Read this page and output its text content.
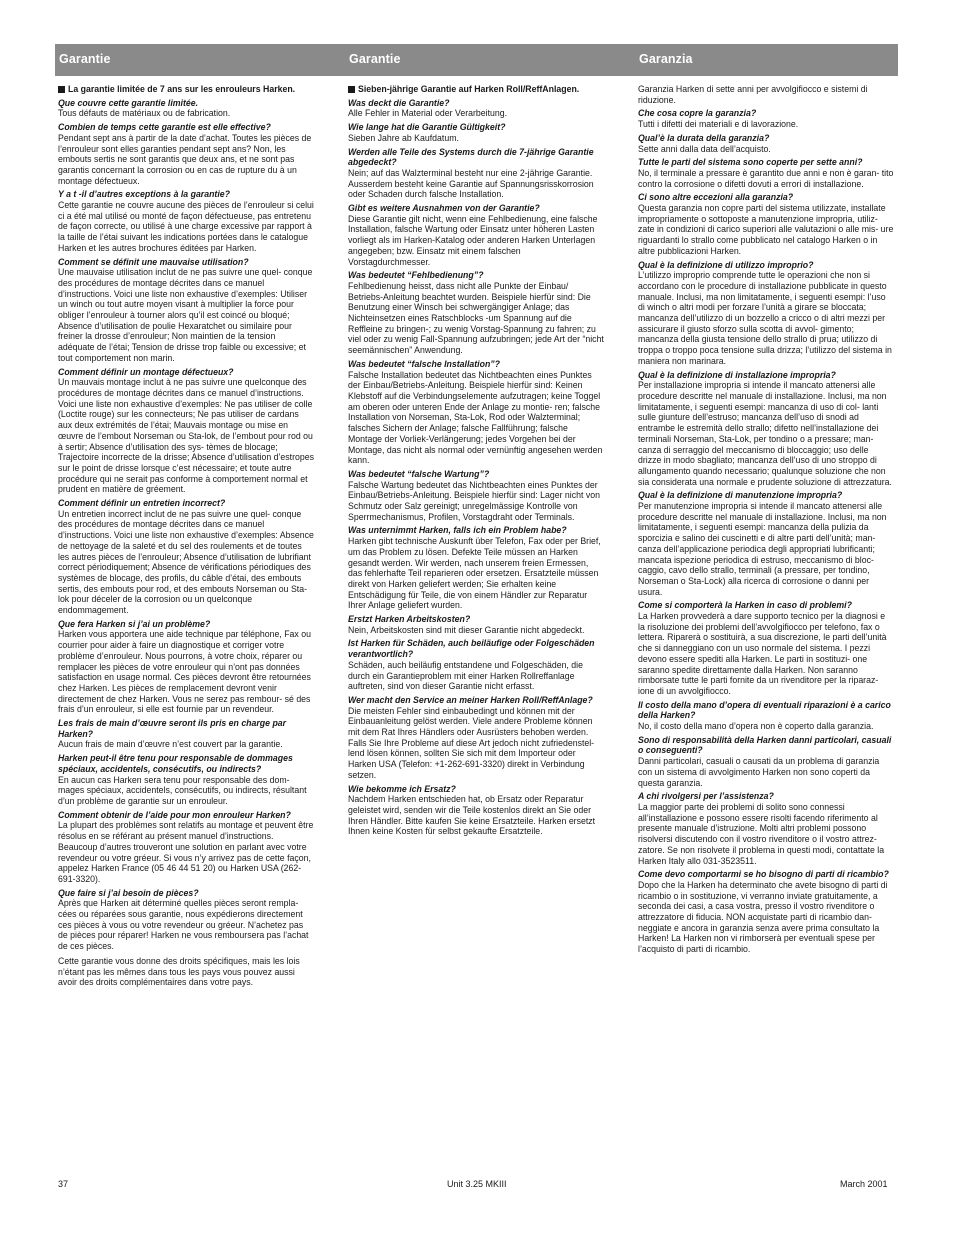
Garantie	Garantie	Garanzia

La garantie limitée de 7 ans sur les enrouleurs Harken.

Que couvre cette garantie limitée.

Tous défauts de matériaux ou de fabrication.

Combien de temps cette garantie est elle effective?

Pendant sept ans à partir de la date d’achat. Toutes les pièces de l’enrouleur sont elles garanties pendant sept ans? Non, les embouts sertis ne sont garantis que deux ans, et ne sont pas garantis concernant la corrosion ou en cas de rupture du à un montage défectueux.

Y a t -il d’autres exceptions à la garantie?

Cette garantie ne couvre aucune des pièces de l’enrouleur si celui ci a été mal utilisé ou monté de façon défectueuse, pas entretenu de façon correcte, ou utilisé à une charge excessive par rapport à la taille de l’étai suivant les indications portées dans le catalogue Harken et les autres brochures éditées par Harken.

Comment se définit une mauvaise utilisation?

Une mauvaise utilisation inclut de ne pas suivre une quel- conque des procédures de montage décrites dans ce manuel d’instructions. Voici une liste non exhaustive d’exemples: Utiliser un winch ou tout autre moyen visant à multiplier la force pour obliger l’enrouleur à tourner alors qu’il est coincé ou bloqué; Absence d’utilisation de poulie Hexaratchet ou similaire pour freiner la drosse d’enrouleur; Non maintien de la tension adéquate de l’étai; Tension de drisse trop faible ou excessive; et tout comportement non marin.

Comment définir un montage défectueux?

Un mauvais montage inclut à ne pas suivre une quelconque des procédures de montage décrites dans ce manuel d’instructions. Voici une liste non exhaustive d’exemples: Ne pas utiliser de colle (Loctite rouge) sur les connecteurs; Ne pas utiliser de cardans aux deux extrémités de l’étai; Mauvais montage ou mise en œuvre de l’embout Norseman ou Sta-lok, de l’embout pour rod ou à sertir; Absence d’utilisation des sys- tèmes de blocage; Trajectoire incorrecte de la drisse; Absence d’utilisation d’estropes sur le point de drisse lorsque c’est nécessaire; et toute autre procédure qui ne serait pas conforme à comportement normal et prudent en matière de gréement.

Comment définir un entretien incorrect?

Un entretien incorrect inclut de ne pas suivre une quel- conque des procédures de montage décrites dans ce manuel d’instructions. Voici une liste non exhaustive d’exemples: Absence de nettoyage de la saleté et du sel des roulements et de toutes les autres pièces de l’enrouleur; Absence d’utilisation de lubrifiant correct périodiquement; Absence de vérifications périodiques des systèmes de blocage, des profils, du câble d’étai, des embouts sertis, des embouts pour rod, et des embouts Norseman ou Sta-lok pour déceler de la corrosion ou un quelconque endommagement.

Que fera Harken si j’ai un problème?

Harken vous apportera une aide technique par téléphone, Fax ou courrier pour aider à faire un diagnostique et corriger votre problème d’enrouleur. Nous pourrons, à votre choix, réparer ou remplacer les pièces de votre enrouleur qui n’ont pas données satisfaction en usage normal. Ces pièces devront être retournées chez Harken. Les pièces de remplacement devront venir directement de chez Harken. Vous ne serez pas rembour- sé des frais d’un enrouleur, si elle est fournie par un revendeur.

Les frais de main d’œuvre seront ils pris en charge par Harken?

Aucun frais de main d’œuvre n’est couvert par la garantie.

Harken peut-il être tenu pour responsable de dommages spéciaux, accidentels, consécutifs, ou indirects?

En aucun cas Harken sera tenu pour responsable des dom- mages spéciaux, accidentels, consécutifs, ou indirects, résultant d’un problème de garantie sur un enrouleur.

Comment obtenir de l’aide pour mon enrouleur Harken?

La plupart des problèmes sont relatifs au montage et peuvent être résolus en se référant au présent manuel d’instructions. Beaucoup d’autres trouveront une solution en parlant avec votre revendeur ou votre gréeur. Si vous n’y arrivez pas de cette façon, appelez Harken France (05 46 44 51 20) ou Harken USA (262-691-3320).

Que faire si j’ai besoin de pièces?

Après que Harken ait déterminé quelles pièces seront rempla- cées ou réparées sous garantie, nous expédierons directement ces pièces à vous ou votre revendeur ou gréeur. N’achetez pas de pièces pour réparer! Harken ne vous remboursera pas l’achat de ces pièces.

Cette garantie vous donne des droits spécifiques, mais les lois n’étant pas les mêmes dans tous les pays vous pouvez aussi avoir des droits complémentaires dans votre pays.

Sieben-jährige Garantie auf Harken Roll/ReffAnlagen.

Was deckt die Garantie?

Alle Fehler in Material oder Verarbeitung.

Wie lange hat die Garantie Gültigkeit?

Sieben Jahre ab Kaufdatum.

Werden alle Teile des Systems durch die 7-jährige Garantie abgedeckt?

Nein; auf das Walzterminal besteht nur eine 2-jährige Garantie. Ausserdem besteht keine Garantie auf Spannungsrisskorrosion oder Schaden durch falsche Installation.

Gibt es weitere Ausnahmen von der Garantie?

Diese Garantie gilt nicht, wenn eine Fehlbedienung, eine falsche Installation, falsche Wartung oder Einsatz unter höheren Lasten vorliegt als im Harken-Katalog oder anderen Harken Unterlagen angegeben; bzw. Einsatz mit einem falschen Vorstagdurchmesser.

Was bedeutet “Fehlbedienung”?

Fehlbedienung heisst, dass nicht alle Punkte der Einbau/ Betriebs-Anleitung beachtet wurden. Beispiele hierfür sind: Die Benutzung einer Winsch bei schwergängiger Anlage; das Nichteinsetzen eines Ratschblocks -um Spannung auf die Reffleine zu bringen-; zu wenig Vorstag-Spannung zu fahren; zu viel oder zu wenig Fall-Spannung aufzubringen; jede Art der “nicht seemännischen” Anwendung.

Was bedeutet “falsche Installation”?

Falsche Installation bedeutet das Nichtbeachten eines Punktes der Einbau/Betriebs-Anleitung. Beispiele hierfür sind: Keinen Klebstoff auf die Verbindungselemente aufzutragen; keine Toggel am oberen oder unteren Ende der Anlage zu montie- ren; falsche Installation von Norseman, Sta-Lok, Rod oder Walzterminal; falsches Sichern der Anlage; falsche Fallführung; falsche Montage der Vorliek-Verlängerung; jedes Vorgehen bei der Montage, das nicht als normal oder vernünftig angesehen werden kann.

Was bedeutet “falsche Wartung”?

Falsche Wartung bedeutet das Nichtbeachten eines Punktes der Einbau/Betriebs-Anleitung. Beispiele hierfür sind: Lager nicht von Schmutz oder Salz gereinigt; unregelmässige Kontrolle von Sperrmechanismus, Profilen, Vorstagdraht oder Terminals.

Was unternimmt Harken, falls ich ein Problem habe?

Harken gibt technische Auskunft über Telefon, Fax oder per Brief, um das Problem zu lösen. Defekte Teile müssen an Harken gesandt werden. Wir werden, nach unserem freien Ermessen, das fehlerhafte Teil reparieren oder ersetzen. Ersatzteile müssen direkt von Harken geliefert werden; Sie erhalten keine Entschädigung für Teile, die von einem Händler zur Reparatur Ihrer Anlage geliefert wurden.

Erstzt Harken Arbeitskosten?

Nein, Arbeitskosten sind mit dieser Garantie nicht abgedeckt.

Ist Harken für Schäden, auch beiläufige oder Folgeschäden verantwortlich?

Schäden, auch beiläufig entstandene und Folgeschäden, die durch ein Garantieproblem mit einer Harken Rollreffanlage auftreten, sind von dieser Garantie nicht erfasst.

Wer macht den Service an meiner Harken Roll/ReffAnlage?

Die meisten Fehler sind einbaubedingt und können mit der Einbauanleitung gelöst werden. Viele andere Probleme können mit dem Rat Ihres Händlers oder Ausrüsters behoben werden. Falls Sie Ihre Probleme auf diese Art jedoch nicht zufriedenstel- lend lösen können, sollten Sie sich mit dem Importeur oder Harken USA (Telefon: +1-262-691-3320) direkt in Verbindung setzen.

Wie bekomme ich Ersatz?

Nachdem Harken entschieden hat, ob Ersatz oder Reparatur geleistet wird, senden wir die Teile kostenlos direkt an Sie oder Ihren Händler. Bitte kaufen Sie keine Ersatzteile. Harken ersetzt Ihnen keine Kosten für selbst gekaufte Ersatzteile.

Garanzia Harken di sette anni per avvolgifiocco e sistemi di riduzione.

Che cosa copre la garanzia?

Tutti i difetti dei materiali e di lavorazione.

Qual’è la durata della garanzia?

Sette anni dalla data dell’acquisto.

Tutte le parti del sistema sono coperte per sette anni?

No, il terminale a pressare è garantito due anni e non è garan- tito contro la corrosione o difetti dovuti a errori di installazione.

Ci sono altre eccezioni alla garanzia?

Questa garanzia non copre parti del sistema utilizzate, installate impropriamente o sottoposte a manutenzione impropria, utiliz- zate in condizioni di carico superiori alle valutazioni o alle mis- ure riguardanti lo strallo come pubblicato nel catalogo Harken o in altre pubblicazioni Harken.

Qual è la definizione di utilizzo improprio?

L’utilizzo improprio comprende tutte le operazioni che non si accordano con le procedure di installazione pubblicate in questo manuale. Inclusi, ma non limitatamente, i seguenti esempi: l’uso di winch o altri modi per forzare l’unità a girare se bloccata; mancanza dell’utilizzo di un bozzello a cricco o di altri mezzi per assicurare il giusto sforzo sulla scotta di avvol- gimento; mancanza della giusta tensione dello strallo di prua; utilizzo di troppa o troppo poca tensione sulla drizza; l’utilizzo del sistema in maniera non marinara.

Qual è la definizione di installazione impropria?

Per installazione impropria si intende il mancato attenersi alle procedure descritte nel manuale di installazione. Inclusi, ma non limitatamente, i seguenti esempi: mancanza di uso di col- lanti sulle giunture dell’estruso; mancanza dell’uso di snodi ad entrambe le estremità dello strallo; difetto nell’installazione dei terminali Norseman, Sta-Lok, per tondino o a pressare; man- canza di serraggio del meccanismo di bloccaggio; uso delle drizze in modo sbagliato; mancanza dell’uso di uno stroppo di allungamento quando necessario; qualunque soluzione che non sia considerata una normale e prudente soluzione di attrezzatura.

Qual è la definizione di manutenzione impropria?

Per manutenzione impropria si intende il mancato attenersi alle procedure descritte nel manuale di installazione. Inclusi, ma non limitatamente, i seguenti esempi: mancanza della pulizia da sporcizia e salino dei cuscinetti e di altre parti dell’unità; man- canza dell’applicazione periodica degli appropriati lubrificanti; mancata ispezione periodica di estruso, meccanismo di bloc- caggio, cavo dello strallo, terminali (a pressare, per tondino, Norseman o Sta-Lock) alla ricerca di corrosione o danni per usura.

Come si comporterà la Harken in caso di problemi?

La Harken provvederà a dare supporto tecnico per la diagnosi e la risoluzione dei problemi dell’avvolgifiocco per telefono, fax o lettera. Riparerà o sostituirà, a sua discrezione, le parti dell’unità che si danneggiano con un uso normale del sistema. I pezzi devono essere spediti alla Harken. Le parti in sostituzi- one saranno spedite direttamente dalla Harken. Non saranno rimborsate tutte le parti fornite da un rivenditore per la riparaz- ione di un avvolgifiocco.

Il costo della mano d’opera di eventuali riparazioni è a carico della Harken?

No, il costo della mano d’opera non è coperto dalla garanzia.

Sono di responsabilità della Harken danni particolari, casuali o conseguenti?

Danni particolari, casuali o causati da un problema di garanzia con un sistema di avvolgimento Harken non sono coperti da questa garanzia.

A chi rivolgersi per l’assistenza?

La maggior parte dei problemi di solito sono connessi all’installazione e possono essere risolti facendo riferimento al presente manuale d’istruzione. Molti altri problemi possono risolversi discutendo con il vostro rivenditore o il vostro attrez- zatore. Se non risolvete il problema in questi modi, contattate la Harken Italy allo 031-3523511.

Come devo comportarmi se ho bisogno di parti di ricambio?

Dopo che la Harken ha determinato che avete bisogno di parti di ricambio o in sostituzione, vi verranno inviate gratuitamente, a seconda dei casi, a casa vostra, presso il vostro rivenditore o attrezzatore di fiducia. NON acquistate parti di ricambio dan- neggiate e ancora in garanzia senza avere prima consultato la Harken! La Harken non vi rimborserà per eventuali spese per l’acquisto di parti di ricambio.

37	Unit 3.25 MKIII	March 2001
